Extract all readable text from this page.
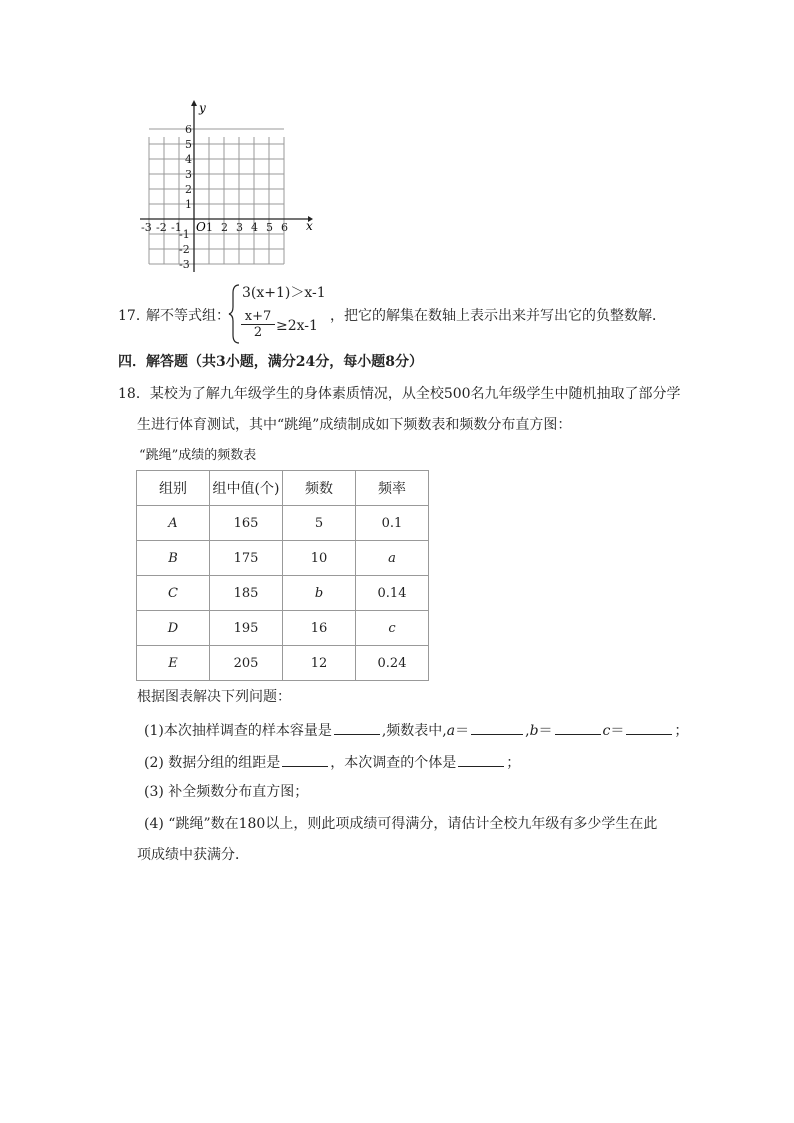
-3 -2 -1 1 2 3 4 5 6
6
5
4
3
2
1
-1
-2
-3
x
y
O
17．
解不等式组：
3(x+1)＞x-1
$\frac{x+7}{2} \ge 2x-1$
，把它的解集在数轴上表示出来并写出它的负整数解．
四．解答题（共3小题，满分24分，每小题8分）
18．某校为了解九年级学生的身体素质情况，从全校500名九年级学生中随机抽取了部分学
生进行体育测试，其中“跳绳”成绩制成如下频数表和频数分布直方图：
“跳绳”成绩的频数表
组别	组中值(个)	频数	频率
A	165	5	0.1
B	175	10	a
C	185	b	0.14
D	195	16	c
E	205	12	0.24
根据图表解决下列问题：
(1)本次抽样调查的样本容量是	,频数表中,a＝	,b＝	c＝	；
(2) 数据分组的组距是	，本次调查的个体是	；
(3) 补全频数分布直方图；
(4) “跳绳”数在180以上，则此项成绩可得满分，请估计全校九年级有多少学生在此
项成绩中获满分．
